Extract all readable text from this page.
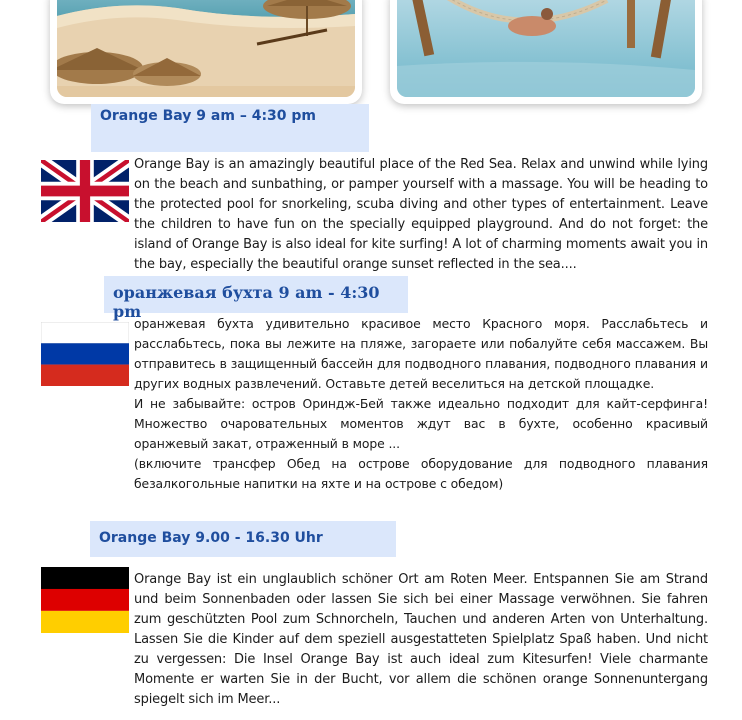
Orange Bay 9 am – 4:30 pm

Orange Bay is an amazingly beautiful place of the Red Sea. Relax and unwind while lying on the beach and sunbathing, or pamper yourself with a massage. You will be heading to the protected pool for snorkeling, scuba diving and other types of entertainment. Leave the children to have fun on the specially equipped playground. And do not forget: the island of Orange Bay is also ideal for kite surfing! A lot of charming moments await you in the bay, especially the beautiful orange sunset reflected in the sea....

оранжевая бухта 9 am - 4:30 pm

оранжевая бухта удивительно красивое место Красного моря. Расслабьтесь и расслабьтесь, пока вы лежите на пляже, загораете или побалуйте себя массажем. Вы отправитесь в защищенный бассейн для подводного плавания, подводного плавания и других водных развлечений. Оставьте детей веселиться на детской площадке.

И не забывайте: остров Ориндж-Бей также идеально подходит для кайт-серфинга! Множество очаровательных моментов ждут вас в бухте, особенно красивый оранжевый закат, отраженный в море ...

(включите трансфер Обед на острове оборудование для подводного плавания безалкогольные напитки на яхте и на острове с обедом)

Orange Bay 9.00 - 16.30 Uhr

Orange Bay ist ein unglaublich schöner Ort am Roten Meer. Entspannen Sie am Strand und beim Sonnenbaden oder lassen Sie sich bei einer Massage verwöhnen. Sie fahren zum geschützten Pool zum Schnorcheln, Tauchen und anderen Arten von Unterhaltung. Lassen Sie die Kinder auf dem speziell ausgestatteten Spielplatz Spaß haben. Und nicht zu vergessen: Die Insel Orange Bay ist auch ideal zum Kitesurfen! Viele charmante Momente er warten Sie in der Bucht, vor allem die schönen orange Sonnenuntergang spiegelt sich im Meer...
